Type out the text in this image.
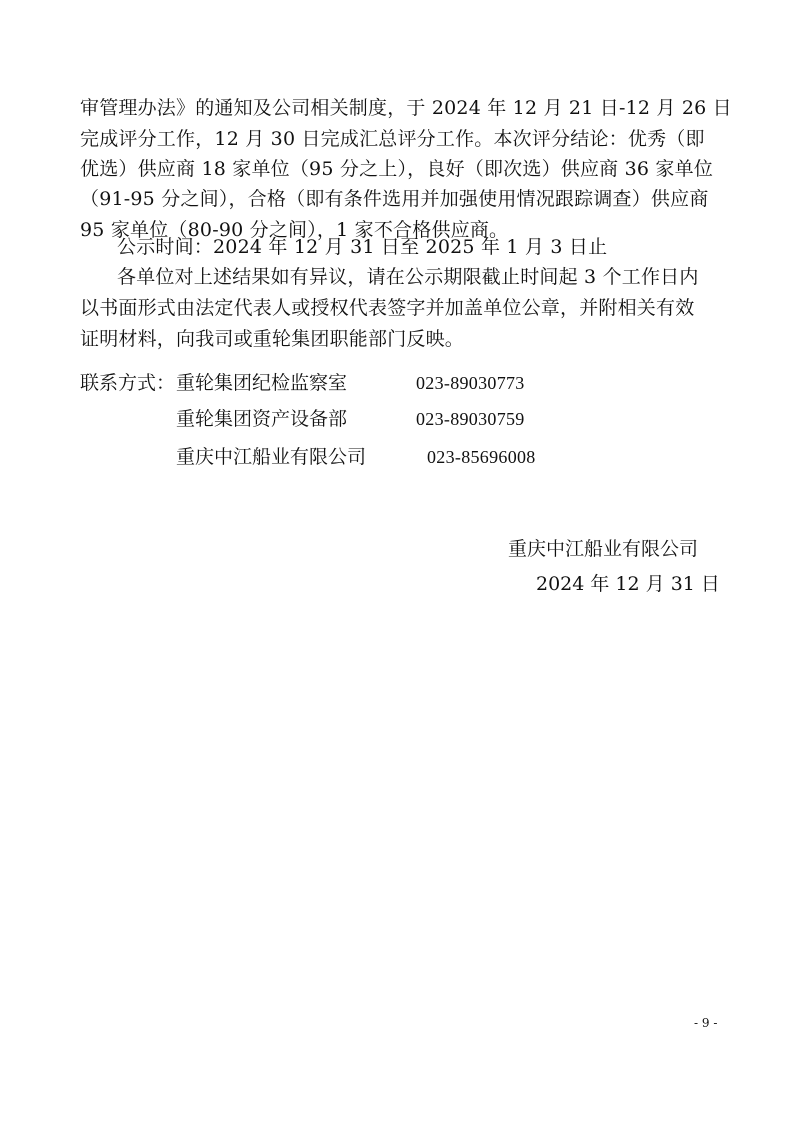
审管理办法》的通知及公司相关制度，于 2024 年 12 月 21 日-12 月 26 日
完成评分工作，12 月 30 日完成汇总评分工作。本次评分结论：优秀（即
优选）供应商 18 家单位（95 分之上），良好（即次选）供应商 36 家单位
（91-95 分之间），合格（即有条件选用并加强使用情况跟踪调查）供应商
95 家单位（80-90 分之间），1 家不合格供应商。
公示时间：2024 年 12 月 31 日至 2025 年 1 月 3 日止
各单位对上述结果如有异议，请在公示期限截止时间起 3 个工作日内
以书面形式由法定代表人或授权代表签字并加盖单位公章，并附相关有效
证明材料，向我司或重轮集团职能部门反映。
联系方式： 重轮集团纪检监察室	023-89030773
重轮集团资产设备部	023-89030759
重庆中江船业有限公司	023-85696008
重庆中江船业有限公司
2024 年 12 月 31 日
- 9 -
